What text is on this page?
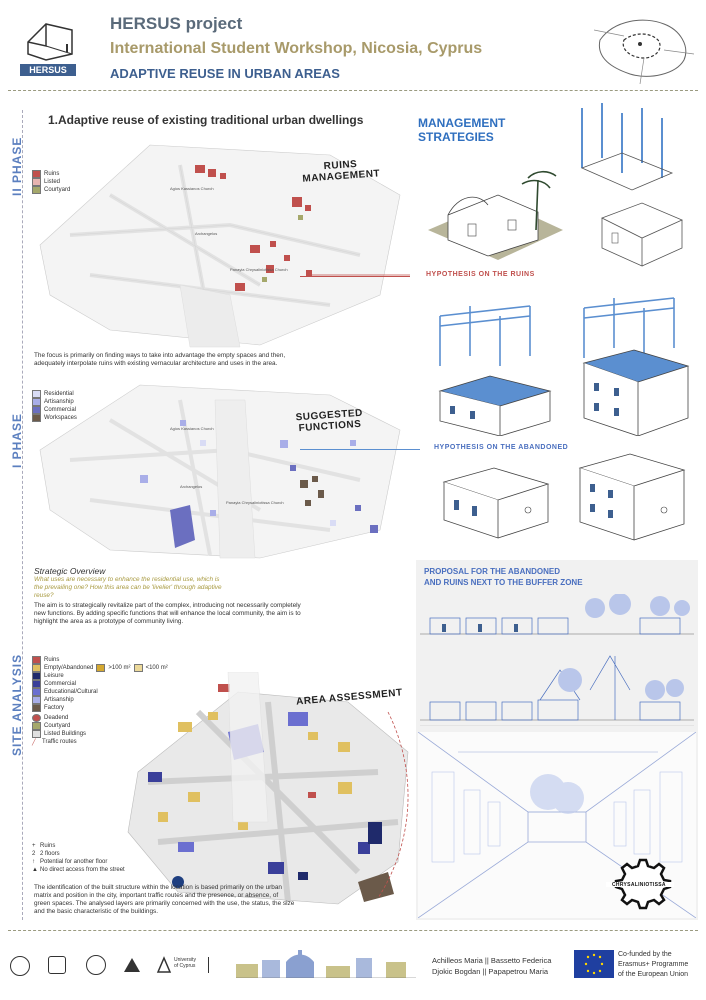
HERSUS
HERSUS project
International Student Workshop, Nicosia, Cyprus
ADAPTIVE REUSE IN URBAN AREAS
II PHASE
I PHASE
SITE ANALYSIS
1.Adaptive reuse of existing traditional urban dwellings
Agios Kassianos Church
Archangelos
Panayia Chrysaliniotissa Church
Ruins
Listed
Courtyard
RUINS
MANAGEMENT
The focus is primarily on finding ways to take into advantage the empty spaces and then, adequately interpolate ruins with existing vernacular architecture and uses in the area.
Agios Kassianos Church
Archangelos
Panayia Chrysaliniotissa Church
Residential
Artisanship
Commercial
Workspaces	SUGGESTED
FUNCTIONS
Strategic Overview
What uses are necessary to enhance the residential use, which is the prevailing one? How this area can be 'livelier' through adaptive reuse?
The aim is to strategically revitalize part of the complex, introducing not necessarily completely new functions. By adding specific functions that will enhance the local community, the aim is to highlight the area as a prototype of community living.
Ruins
Empty/Abandoned	>100 m²	<100 m²
Leisure
Commercial
Educational/Cultural
Artisanship
Factory
Deadend
Courtyard
Listed Buildings
╱	Traffic routes
AREA ASSESSMENT
+ Ruins
2 2 floors
↑ Potential for another floor
▲ No direct access from the street
The identification of the built structure within the location is based primarily on the urban matrix and position in the city, important traffic routes and the presence, or absence, of green spaces. The analysed layers are primarily concerned with the use, the status, the size and the basic characteristic of the buildings.
MANAGEMENT
STRATEGIES
HYPOTHESIS ON THE RUINS
HYPOTHESIS ON THE ABANDONED
PROPOSAL FOR THE ABANDONED
AND RUINS NEXT TO THE BUFFER ZONE
CHRYSALINIOTISSA
University of Cyprus
Achilleos Maria || Bassetto Federica
Djokic Bogdan || Papapetrou Maria
Co-funded by the
Erasmus+ Programme
of the European Union
